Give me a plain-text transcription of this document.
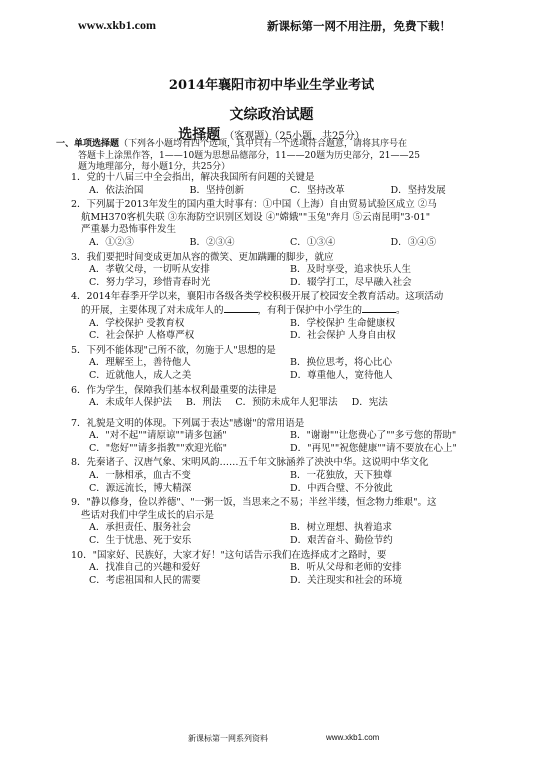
www.xkb1.com	新课标第一网不用注册，免费下载！
2014年襄阳市初中毕业生学业考试
文综政治试题
选择题 （客观题）（25小题，共25分）
一、单项选择题（下列各小题均有四个选项，其中只有一个选项符合题意，请将其序号在
答题卡上涂黑作答，1——10题为思想品德部分，11——20题为历史部分，21——25
题为地理部分，每小题1分，共25分）
1．党的十八届三中全会指出，解决我国所有问题的关键是
A．依法治国	B．坚持创新	C．坚持改革	D．坚持发展
2．下列属于2013年发生的国内重大时事有：①中国（上海）自由贸易试验区成立 ②马
航MH370客机失联 ③东海防空识别区划设 ④"嫦娥""玉兔"奔月 ⑤云南昆明"3·01"
严重暴力恐怖事件发生
A．①②③	B．②③④	C．①③④	D．③④⑤
3．我们要把时间变成更加从容的微笑、更加蹒跚的脚步，就应
A．孝敬父母，一切听从安排	B．及时享受，追求快乐人生
C．努力学习，珍惜青春时光	D．辍学打工，尽早融入社会
4．2014年春季开学以来，襄阳市各级各类学校积极开展了校园安全教育活动。这项活动
的开展，主要体现了对未成年人的	，有利于保护中小学生的	。
A．学校保护 受教育权	B．学校保护 生命健康权
C．社会保护 人格尊严权	D．社会保护 人身自由权
5．下列不能体现"己所不欲，勿施于人"思想的是
A．理解至上，善待他人	B．换位思考，将心比心
C．近就他人，成人之美	D．尊重他人，宽待他人
6．作为学生，保障我们基本权利最重要的法律是
A．未成年人保护法 B．刑法 C．预防未成年人犯罪法 D．宪法
7．礼貌是文明的体现。下列属于表达"感谢"的常用语是
A．"对不起""请原谅""请多包涵"	B．"谢谢""让您费心了""多亏您的帮助"
C．"您好""请多指教""欢迎光临"	D．"再见""祝您健康""请不要放在心上"
8．先秦诸子、汉唐气象、宋明风韵……五千年文脉涵养了泱泱中华。这说明中华文化
A．一脉相承，血古不变	B．一花独放，天下独尊
C．源远流长，博大精深	D．中西合璧、不分彼此
9．"静以修身，俭以养德"、"一粥一饭，当思来之不易；半丝半缕，恒念物力维艰"。这
些话对我们中学生成长的启示是
A．承担责任、服务社会	B．树立理想、执着追求
C．生于忧患、死于安乐	D．艰苦奋斗、勤俭节约
10．"国家好、民族好，大家才好！"这句话告示我们在选择成才之路时，要
A．找准自己的兴趣和爱好	B．听从父母和老师的安排
C．考虑祖国和人民的需要	D．关注现实和社会的环境
新课标第一网系列资料	www.xkb1.com
